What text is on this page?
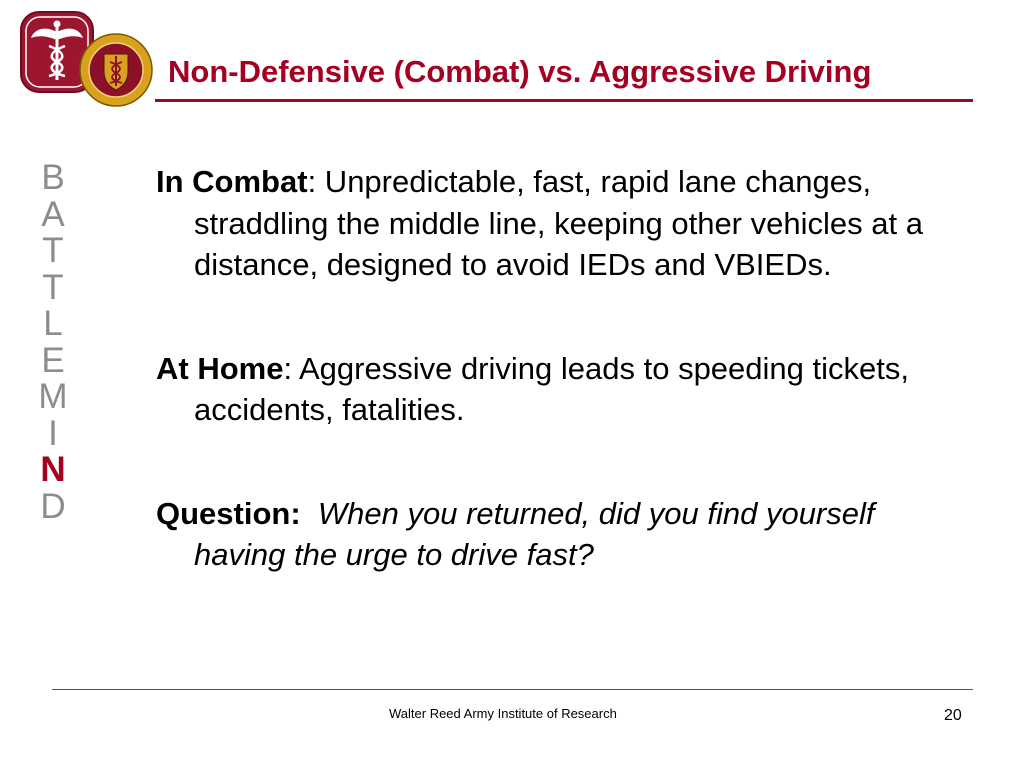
Non-Defensive (Combat) vs. Aggressive Driving
B
A
T
T
L
E
M
I
N
D

In Combat: Unpredictable, fast, rapid lane changes, straddling the middle line, keeping other vehicles at a distance, designed to avoid IEDs and VBIEDs.

At Home: Aggressive driving leads to speeding tickets, accidents, fatalities.

Question: When you returned, did you find yourself having the urge to drive fast?

Walter Reed Army Institute of Research	20
